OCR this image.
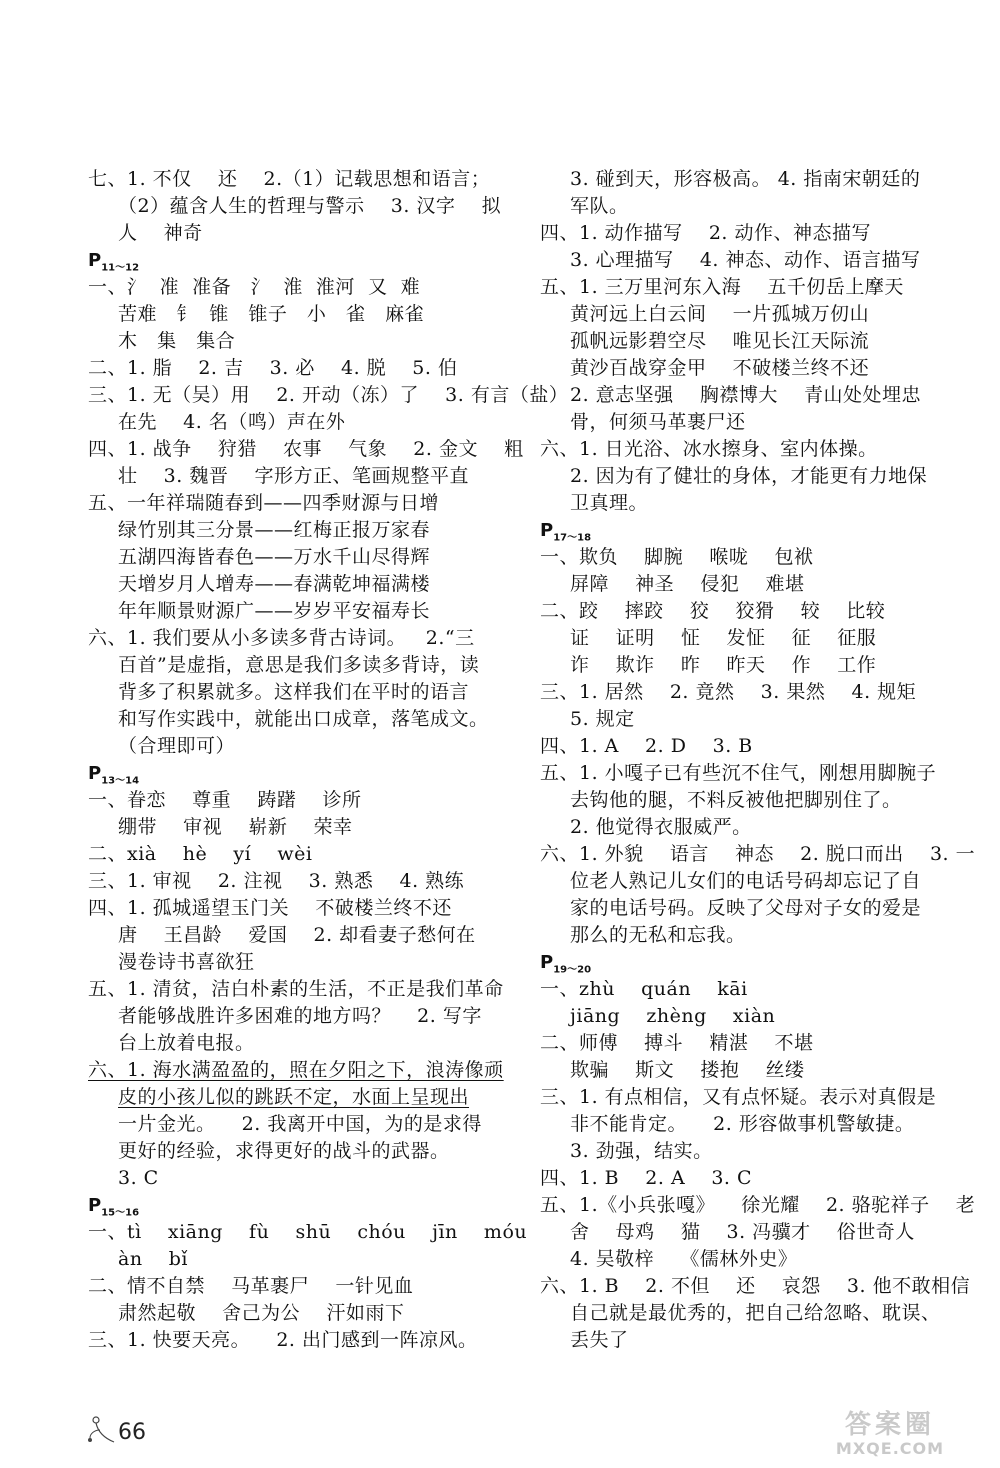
七、1. 不仅    还    2.（1）记载思想和语言；
（2）蕴含人生的哲理与警示    3. 汉字    拟
人    神奇
$P_{11\sim 12}$
一、氵  准  准备   氵  淮  淮河  又  难
苦难   钅  锥   锥子   小   雀   麻雀
木   集   集合
二、1. 脂    2. 吉    3. 必    4. 脱    5. 伯
三、1. 无（吴）用    2. 开动（冻）了    3. 有言（盐）
在先    4. 名（鸣）声在外
四、1. 战争    狩猎    农事    气象    2. 金文    粗
壮    3. 魏晋    字形方正、笔画规整平直
五、一年祥瑞随春到——四季财源与日增
绿竹别其三分景——红梅正报万家春
五湖四海皆春色——万水千山尽得辉
天增岁月人增寿——春满乾坤福满楼
年年顺景财源广——岁岁平安福寿长
六、1. 我们要从小多读多背古诗词。   2.“三
百首”是虚指，意思是我们多读多背诗，读
背多了积累就多。这样我们在平时的语言
和写作实践中，就能出口成章，落笔成文。
（合理即可）
$P_{13\sim 14}$
一、眷恋    尊重    踌躇    诊所
绷带    审视    崭新    荣幸
二、xià    hè    yí    wèi
三、1. 审视    2. 注视    3. 熟悉    4. 熟练
四、1. 孤城遥望玉门关    不破楼兰终不还
唐    王昌龄    爱国    2. 却看妻子愁何在
漫卷诗书喜欲狂
五、1. 清贫，洁白朴素的生活，不正是我们革命
者能够战胜许多困难的地方吗？    2. 写字
台上放着电报。
六、1. 海水满盈盈的，照在夕阳之下，浪涛像顽
皮的小孩儿似的跳跃不定，水面上呈现出
一片金光。    2. 我离开中国，为的是求得
更好的经验，求得更好的战斗的武器。
3. C
$P_{15\sim 16}$
一、tì    xiāng    fù    shū    chóu    jīn    móu
àn    bǐ
二、情不自禁    马革裹尸    一针见血
肃然起敬    舍己为公    汗如雨下
三、1. 快要天亮。    2. 出门感到一阵凉风。
3. 碰到天，形容极高。 4. 指南宋朝廷的
军队。
四、1. 动作描写    2. 动作、神态描写
3. 心理描写    4. 神态、动作、语言描写
五、1. 三万里河东入海    五千仞岳上摩天
黄河远上白云间    一片孤城万仞山
孤帆远影碧空尽    唯见长江天际流
黄沙百战穿金甲    不破楼兰终不还
2. 意志坚强    胸襟博大    青山处处埋忠
骨，何须马革裹尸还
六、1. 日光浴、冰水擦身、室内体操。
2. 因为有了健壮的身体，才能更有力地保
卫真理。
$P_{17\sim 18}$
一、欺负    脚腕    喉咙    包袱
屏障    神圣    侵犯    难堪
二、跤    摔跤    狡    狡猾    较    比较
证    证明    怔    发怔    征    征服
诈    欺诈    昨    昨天    作    工作
三、1. 居然    2. 竟然    3. 果然    4. 规矩
5. 规定
四、1. A    2. D    3. B
五、1. 小嘎子已有些沉不住气，刚想用脚腕子
去钩他的腿，不料反被他把脚别住了。
2. 他觉得衣服威严。
六、1. 外貌    语言    神态    2. 脱口而出    3. 一
位老人熟记儿女们的电话号码却忘记了自
家的电话号码。反映了父母对子女的爱是
那么的无私和忘我。
$P_{19\sim 20}$
一、zhù    quán    kāi
jiāng    zhèng    xiàn
二、师傅    搏斗    精湛    不堪
欺骗    斯文    搂抱    丝缕
三、1. 有点相信，又有点怀疑。表示对真假是
非不能肯定。    2. 形容做事机警敏捷。
3. 劲强，结实。
四、1. B    2. A    3. C
五、1.《小兵张嘎》    徐光耀    2. 骆驼祥子    老
舍    母鸡    猫    3. 冯骥才    俗世奇人
4. 吴敬梓    《儒林外史》
六、1. B    2. 不但    还    哀怨    3. 他不敢相信
自己就是最优秀的，把自己给忽略、耽误、
丢失了
66	答案圈
MXQE.COM
